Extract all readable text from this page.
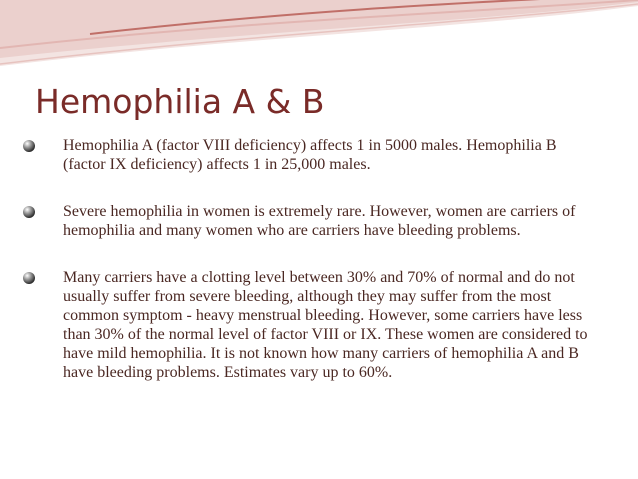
Hemophilia A & B
Hemophilia A (factor VIII deficiency) affects 1 in 5000 males. Hemophilia B (factor IX deficiency) affects 1 in 25,000 males.
Severe hemophilia in women is extremely rare. However, women are carriers of hemophilia and many women who are carriers have bleeding problems.
Many carriers have a clotting level between 30% and 70% of normal and do not usually suffer from severe bleeding, although they may suffer from the most common symptom - heavy menstrual bleeding. However, some carriers have less than 30% of the normal level of factor VIII or IX. These women are considered to have mild hemophilia. It is not known how many carriers of hemophilia A and B have bleeding problems. Estimates vary up to 60%.
